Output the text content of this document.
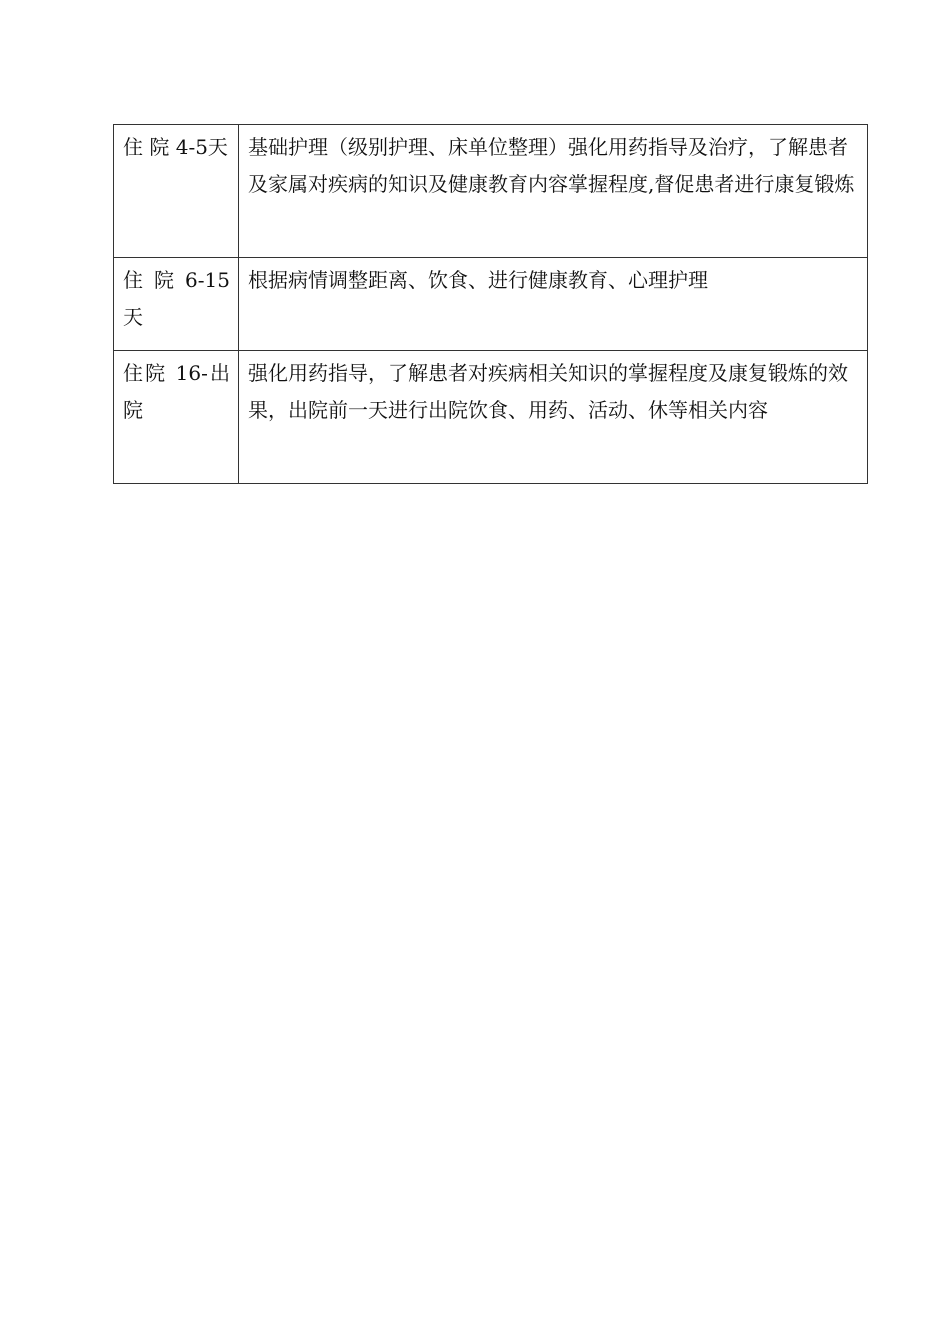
住 院 4-5天	基础护理（级别护理、床单位整理）强化用药指导及治疗，了解患者及家属对疾病的知识及健康教育内容掌握程度,督促患者进行康复锻炼
住 院 6-15天	根据病情调整距离、饮食、进行健康教育、心理护理
住院 16-出院	强化用药指导，了解患者对疾病相关知识的掌握程度及康复锻炼的效果，出院前一天进行出院饮食、用药、活动、休等相关内容
